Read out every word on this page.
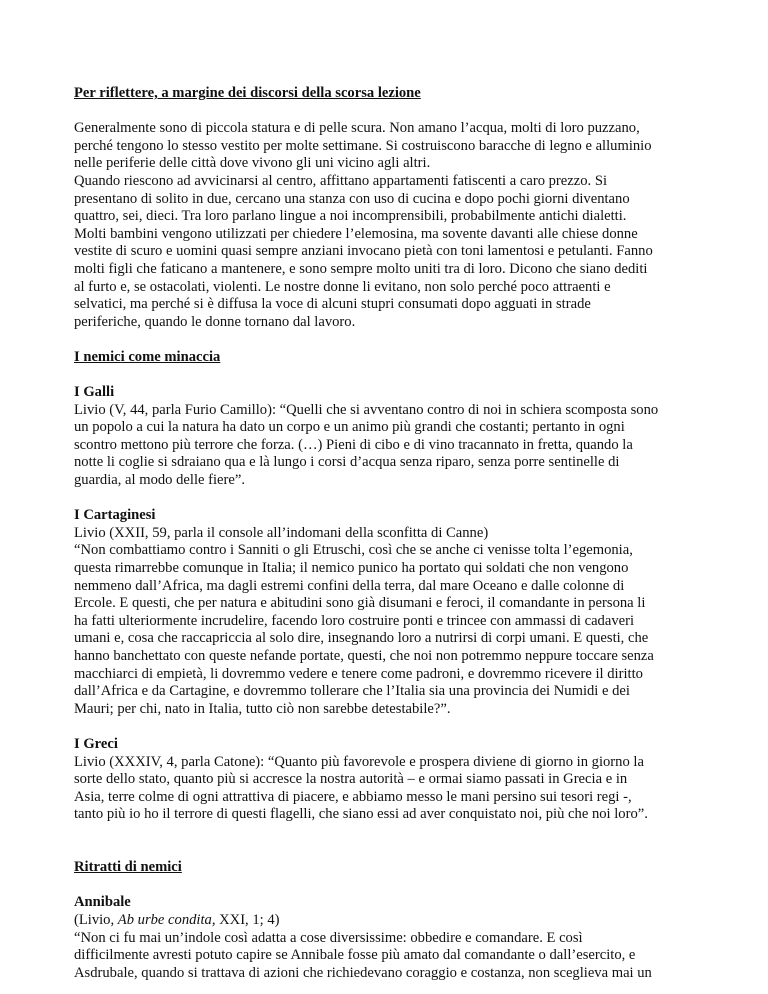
Per riflettere, a margine dei discorsi della scorsa lezione

Generalmente sono di piccola statura e di pelle scura. Non amano l’acqua, molti di loro puzzano,
perché tengono lo stesso vestito per molte settimane. Si costruiscono baracche di legno e alluminio
nelle periferie delle città dove vivono gli uni vicino agli altri.
Quando riescono ad avvicinarsi al centro, affittano appartamenti fatiscenti a caro prezzo. Si
presentano di solito in due, cercano una stanza con uso di cucina e dopo pochi giorni diventano
quattro, sei, dieci. Tra loro parlano lingue a noi incomprensibili, probabilmente antichi dialetti.
Molti bambini vengono utilizzati per chiedere l’elemosina, ma sovente davanti alle chiese donne
vestite di scuro e uomini quasi sempre anziani invocano pietà con toni lamentosi e petulanti. Fanno
molti figli che faticano a mantenere, e sono sempre molto uniti tra di loro. Dicono che siano dediti
al furto e, se ostacolati, violenti. Le nostre donne li evitano, non solo perché poco attraenti e
selvatici, ma perché si è diffusa la voce di alcuni stupri consumati dopo agguati in strade
periferiche, quando le donne tornano dal lavoro.

I nemici come minaccia

I Galli

Livio (V, 44, parla Furio Camillo): “Quelli che si avventano contro di noi in schiera scomposta sono
un popolo a cui la natura ha dato un corpo e un animo più grandi che costanti; pertanto in ogni
scontro mettono più terrore che forza. (…) Pieni di cibo e di vino tracannato in fretta, quando la
notte li coglie si sdraiano qua e là lungo i corsi d’acqua senza riparo, senza porre sentinelle di
guardia, al modo delle fiere”.

I Cartaginesi

Livio (XXII, 59, parla il console all’indomani della sconfitta di Canne)
“Non combattiamo contro i Sanniti o gli Etruschi, così che se anche ci venisse tolta l’egemonia,
questa rimarrebbe comunque in Italia; il nemico punico ha portato qui soldati che non vengono
nemmeno dall’Africa, ma dagli estremi confini della terra, dal mare Oceano e dalle colonne di
Ercole. E questi, che per natura e abitudini sono già disumani e feroci, il comandante in persona li
ha fatti ulteriormente incrudelire, facendo loro costruire ponti e trincee con ammassi di cadaveri
umani e, cosa che raccapriccia al solo dire, insegnando loro a nutrirsi di corpi umani. E questi, che
hanno banchettato con queste nefande portate, questi, che noi non potremmo neppure toccare senza
macchiarci di empietà, li dovremmo vedere e tenere come padroni, e dovremmo ricevere il diritto
dall’Africa e da Cartagine, e dovremmo tollerare che l’Italia sia una provincia dei Numidi e dei
Mauri; per chi, nato in Italia, tutto ciò non sarebbe detestabile?”.

I Greci

Livio (XXXIV, 4, parla Catone): “Quanto più favorevole e prospera diviene di giorno in giorno la
sorte dello stato, quanto più si accresce la nostra autorità – e ormai siamo passati in Grecia e in
Asia, terre colme di ogni attrattiva di piacere, e abbiamo messo le mani persino sui tesori regi -,
tanto più io ho il terrore di questi flagelli, che siano essi ad aver conquistato noi, più che noi loro”.

Ritratti di nemici

Annibale

(Livio, Ab urbe condita, XXI, 1; 4)
“Non ci fu mai un’indole così adatta a cose diversissime: obbedire e comandare. E così
difficilmente avresti potuto capire se Annibale fosse più amato dal comandante o dall’esercito, e
Asdrubale, quando si trattava di azioni che richiedevano coraggio e costanza, non sceglieva mai un
